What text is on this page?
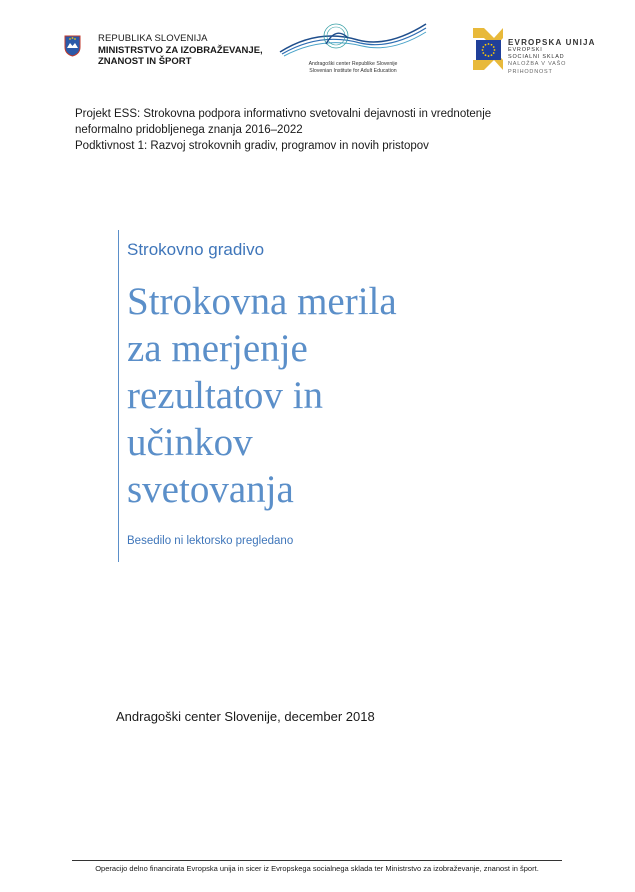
REPUBLIKA SLOVENIJA
MINISTRSTVO ZA IZOBRAŽEVANJE,
ZNANOST IN ŠPORT	Andragoški center Republike Slovenije
Slovenian Institute for Adult Education
EVROPSKA UNIJA
EVROPSKI
SOCIALNI SKLAD
NALOŽBA V VAŠO PRIHODNOST
Projekt ESS: Strokovna podpora informativno svetovalni dejavnosti in vrednotenje
neformalno pridobljenega znanja 2016–2022
Podktivnost 1: Razvoj strokovnih gradiv, programov in novih pristopov
Strokovno gradivo
Strokovna merila
za merjenje
rezultatov in
učinkov
svetovanja
Besedilo ni lektorsko pregledano
Andragoški center Slovenije, december 2018
Operacijo delno financirata Evropska unija in sicer iz Evropskega socialnega sklada ter Ministrstvo za izobraževanje, znanost in šport.
